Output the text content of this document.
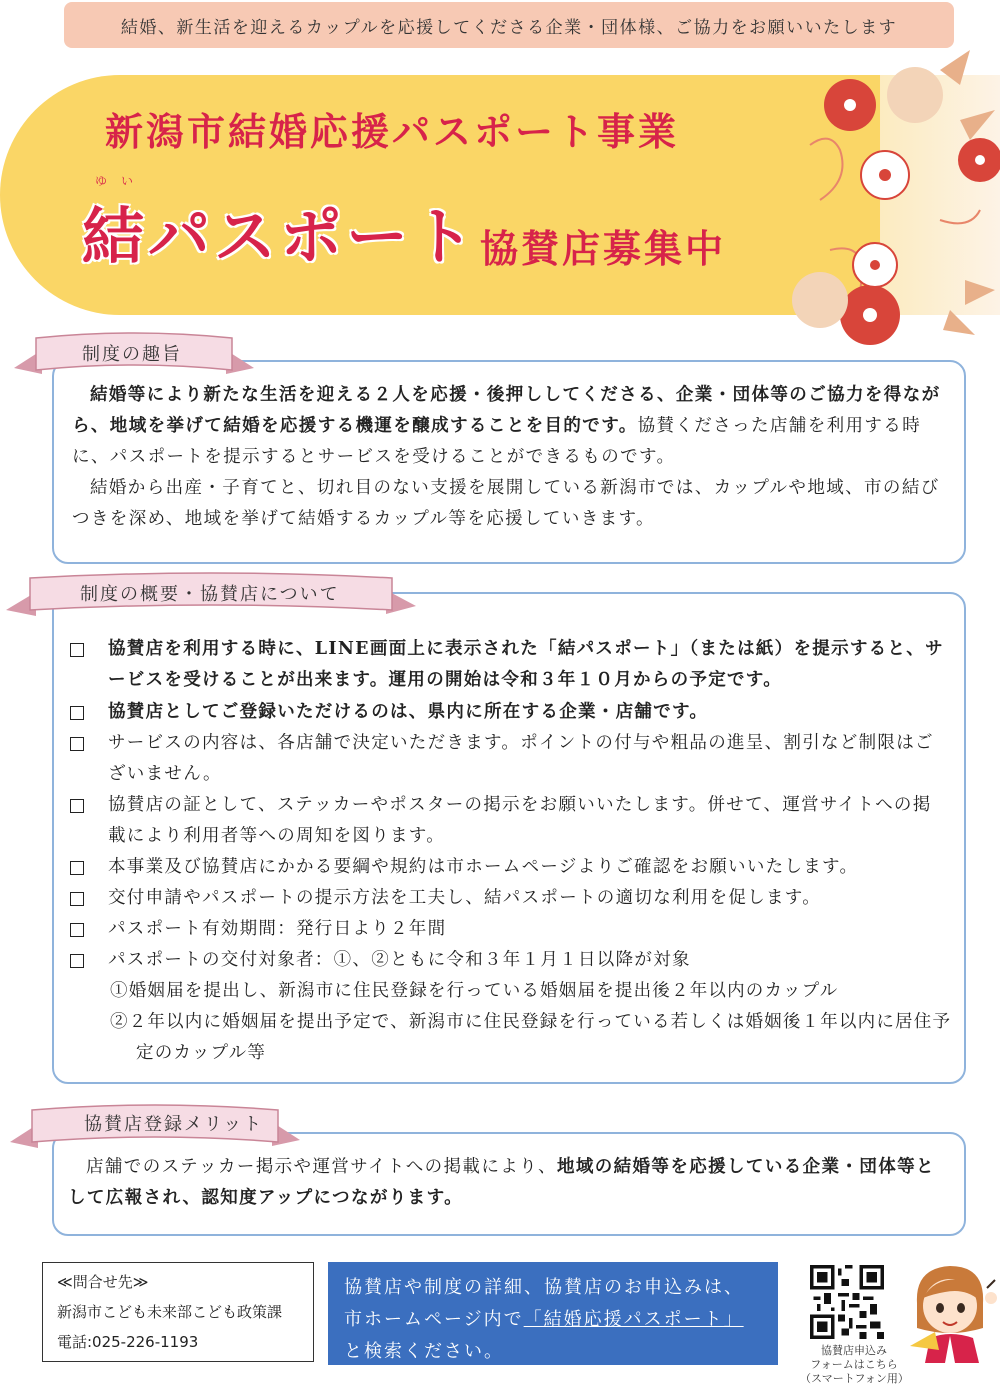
結婚、新生活を迎えるカップルを応援してくださる企業・団体様、ご協力をお願いいたします
新潟市結婚応援パスポート事業
ゆい
結パスポート 協賛店募集中
制度の趣旨
結婚等により新たな生活を迎える２人を応援・後押ししてくださる、企業・団体等のご協力を得ながら、地域を挙げて結婚を応援する機運を醸成することを目的です。協賛くださった店舗を利用する時に、パスポートを提示するとサービスを受けることができるものです。
結婚から出産・子育てと、切れ目のない支援を展開している新潟市では、カップルや地域、市の結びつきを深め、地域を挙げて結婚するカップル等を応援していきます。
制度の概要・協賛店について
協賛店を利用する時に、LINE画面上に表示された「結パスポート」（または紙）を提示すると、サービスを受けることが出来ます。運用の開始は令和３年１０月からの予定です。
協賛店としてご登録いただけるのは、県内に所在する企業・店舗です。
サービスの内容は、各店舗で決定いただきます。ポイントの付与や粗品の進呈、割引など制限はございません。
協賛店の証として、ステッカーやポスターの掲示をお願いいたします。併せて、運営サイトへの掲載により利用者等への周知を図ります。
本事業及び協賛店にかかる要綱や規約は市ホームページよりご確認をお願いいたします。
交付申請やパスポートの提示方法を工夫し、結パスポートの適切な利用を促します。
パスポート有効期間：発行日より２年間
パスポートの交付対象者：①、②ともに令和３年１月１日以降が対象
①婚姻届を提出し、新潟市に住民登録を行っている婚姻届を提出後２年以内のカップル
②２年以内に婚姻届を提出予定で、新潟市に住民登録を行っている若しくは婚姻後１年以内に居住予定のカップル等
協賛店登録メリット
店舗でのステッカー掲示や運営サイトへの掲載により、地域の結婚等を応援している企業・団体等として広報され、認知度アップにつながります。
≪問合せ先≫
新潟市こども未来部こども政策課
電話:025-226-1193
協賛店や制度の詳細、協賛店のお申込みは、
市ホームページ内で「結婚応援パスポート」
と検索ください。	協賛店申込み
フォームはこちら
（スマートフォン用）
